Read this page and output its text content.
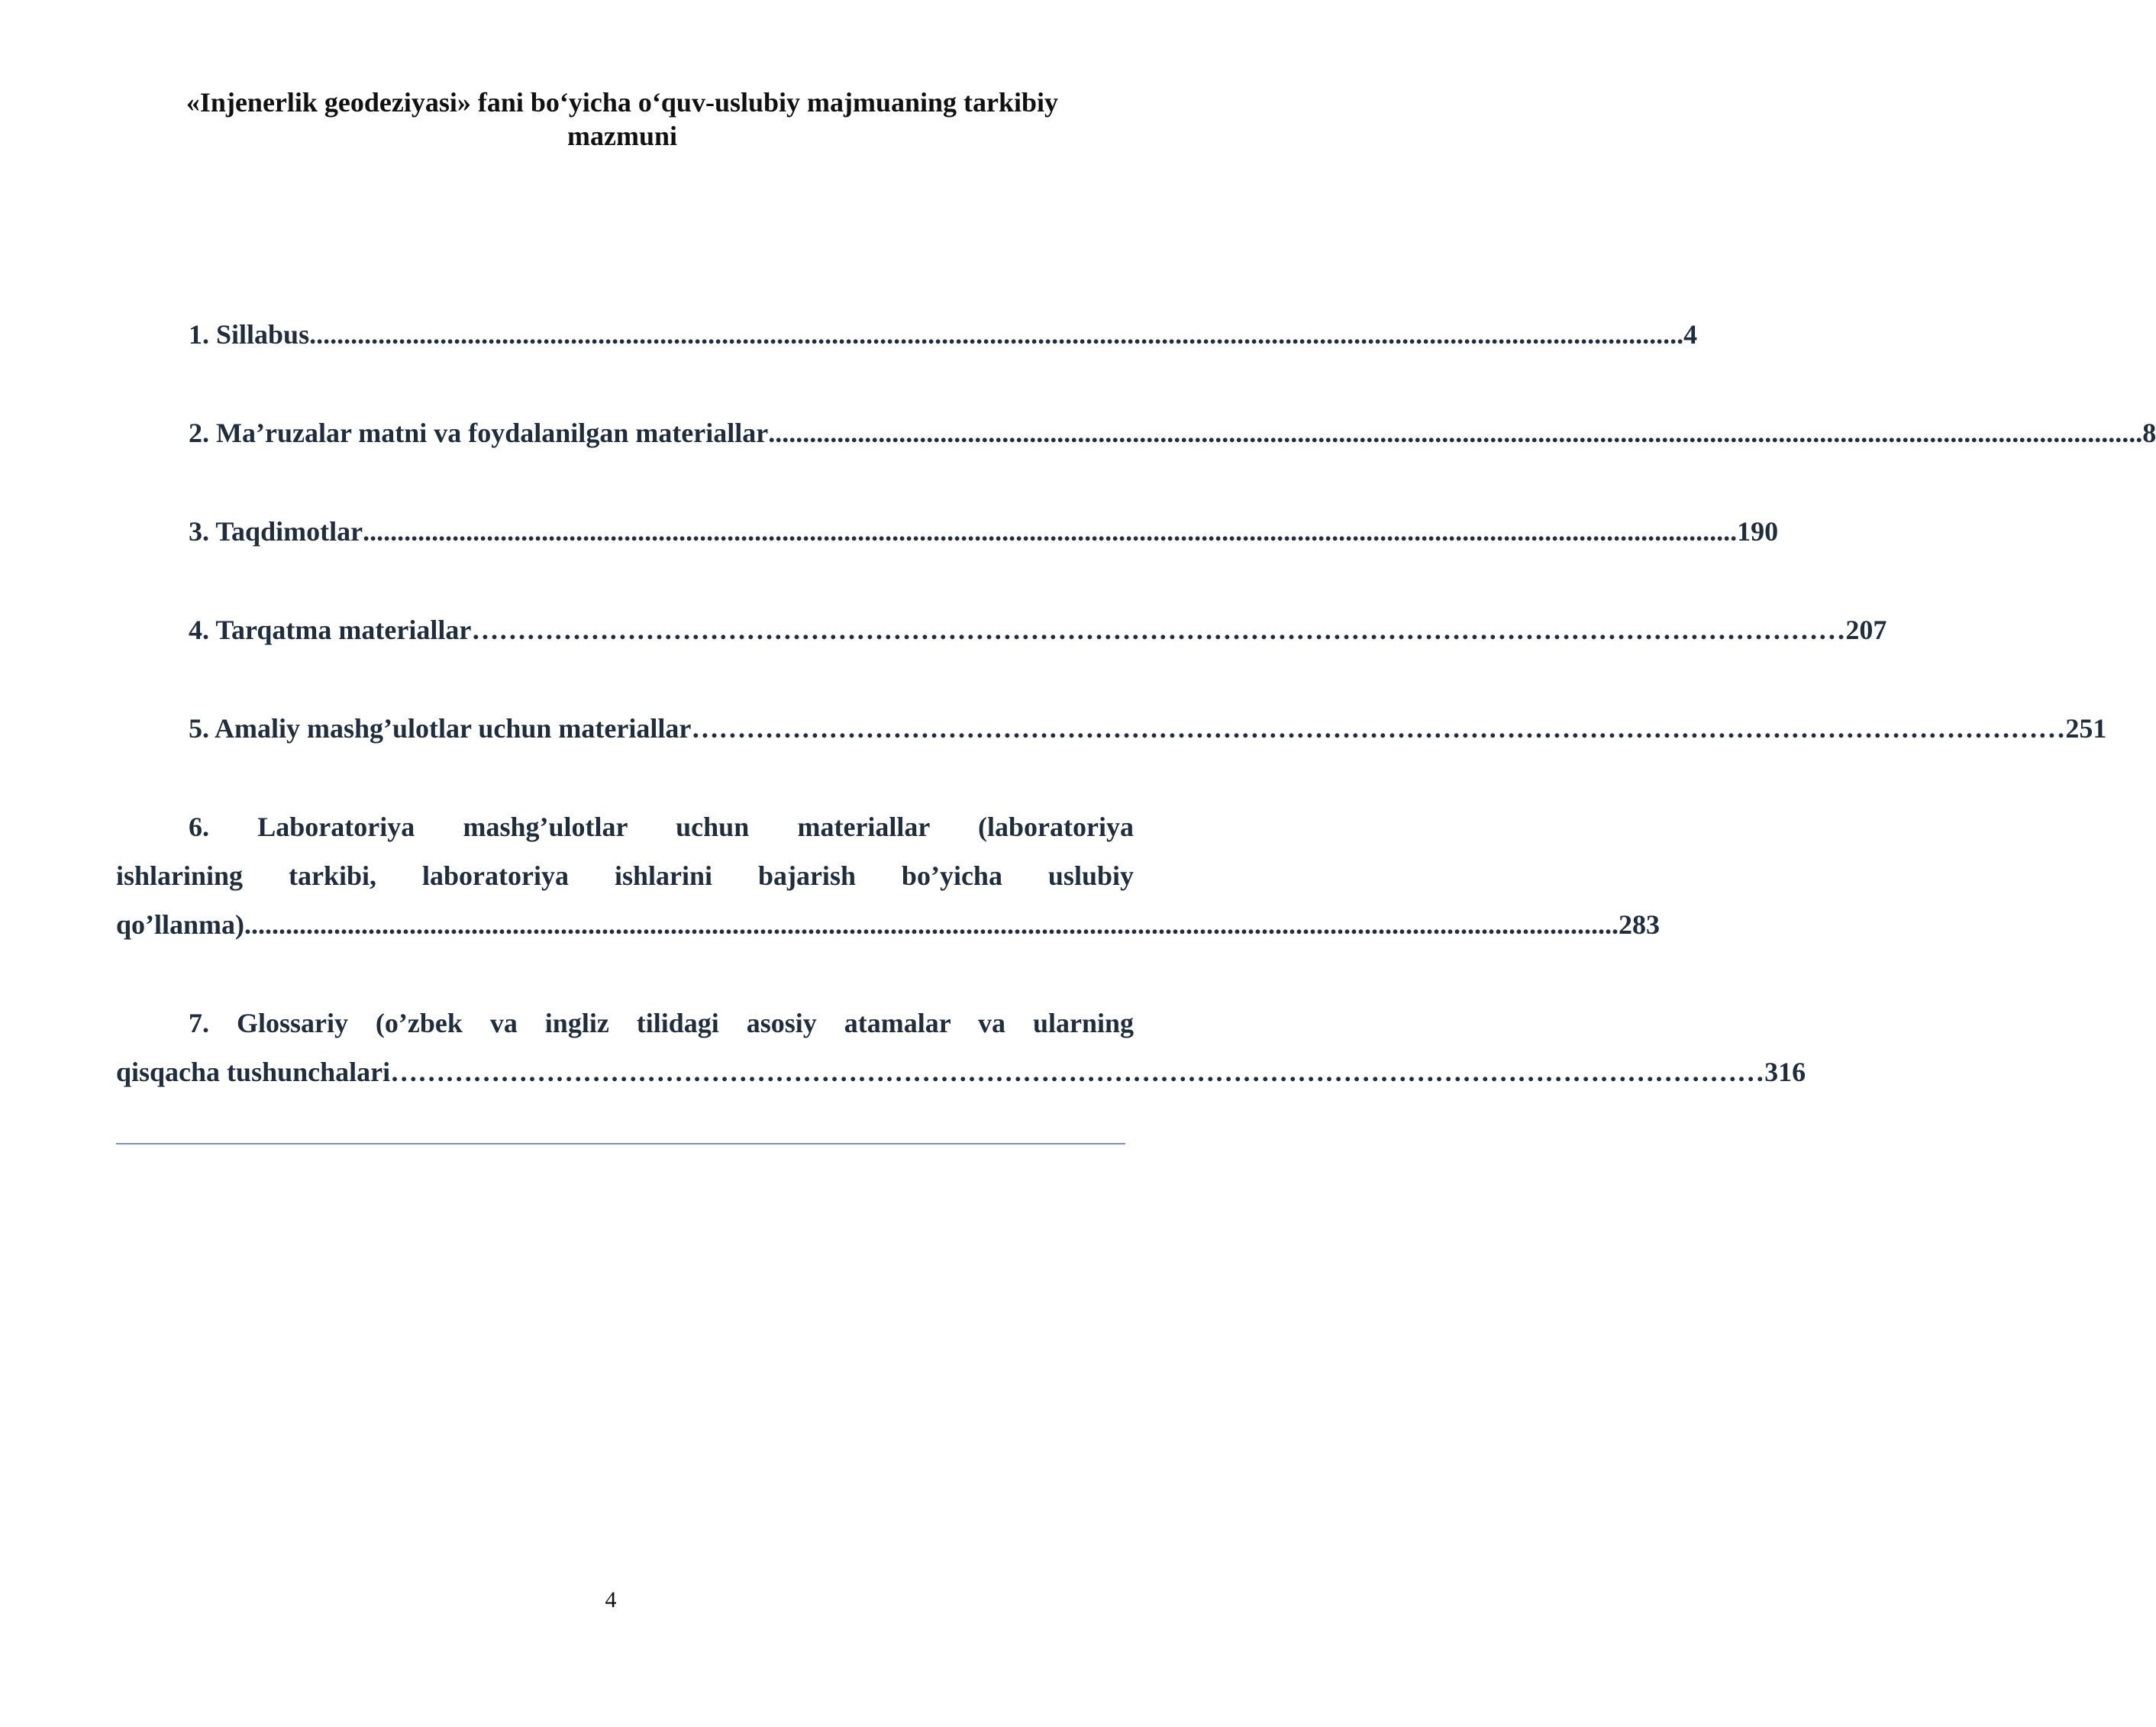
«Injenerlik geodeziyasi» fani bo‘yicha o‘quv-uslubiy majmuaning tarkibiy
mazmuni
1. Sillabus ........................................................................................................................................................................................................ 4
2. Ma’ruzalar matni va foydalanilgan materiallar ........................................................................................................................................................................................................ 8
3. Taqdimotlar ........................................................................................................................................................................................................ 190
4. Tarqatma materiallar …………………………………………………………………………………………………………………………………… 207
5. Amaliy mashg’ulotlar uchun materiallar …………………………………………………………………………………………………………………………………… 251
6. Laboratoriya mashg’ulotlar uchun materiallar (laboratoriya
ishlarining tarkibi, laboratoriya ishlarini bajarish bo’yicha uslubiy
qo’llanma) ........................................................................................................................................................................................................ 283
7. Glossariy (o’zbek va ingliz tilidagi asosiy atamalar va ularning
qisqacha tushunchalari …………………………………………………………………………………………………………………………………… 316
4
